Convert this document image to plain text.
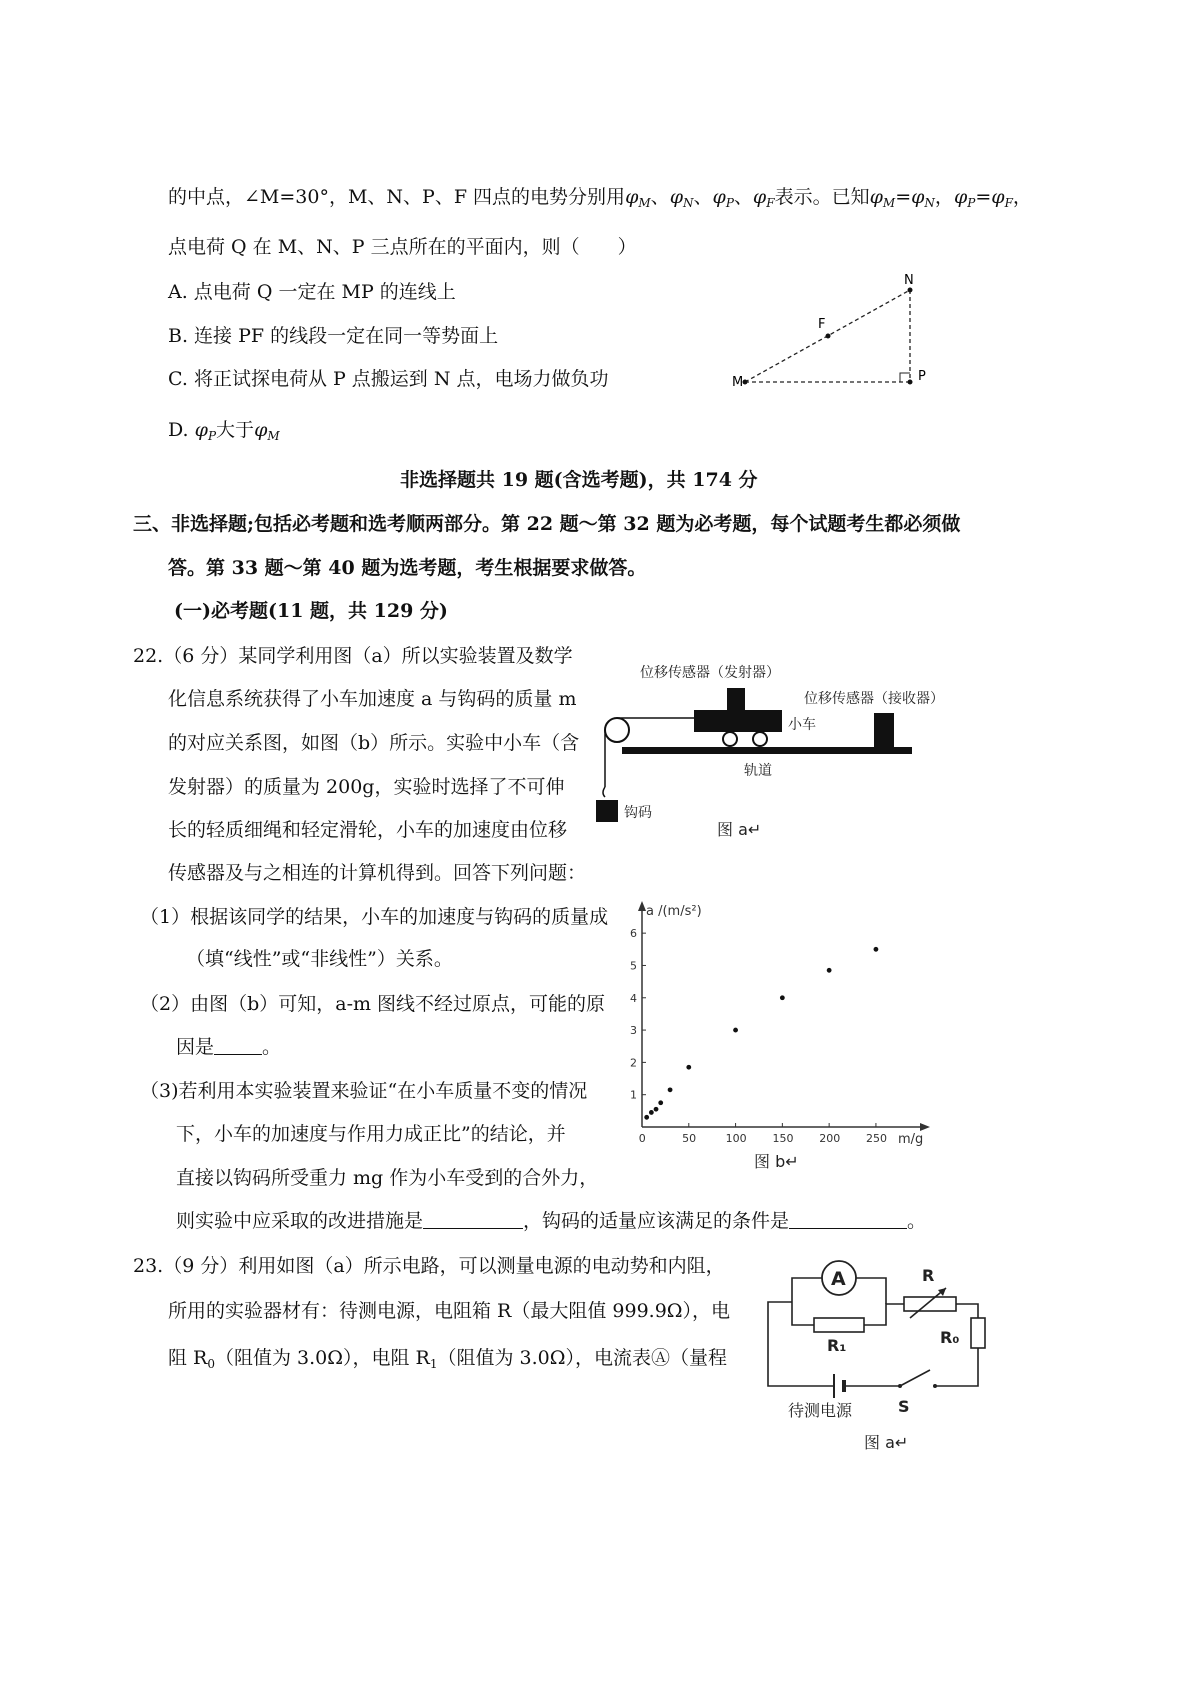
的中点，∠M=30°，M、N、P、F 四点的电势分别用$\varphi_M$、$\varphi_N$、$\varphi_P$、$\varphi_F$表示。已知$\varphi_M=\varphi_N$，$\varphi_P=\varphi_F$，
点电荷 Q 在 M、N、P 三点所在的平面内，则（　　）
A. 点电荷 Q 一定在 MP 的连线上
B. 连接 PF 的线段一定在同一等势面上
C. 将正试探电荷从 P 点搬运到 N 点，电场力做负功
D. $\varphi_P$大于$\varphi_M$
N
F
M	P
非选择题共 19 题(含选考题)，共 174 分
三、非选择题;包括必考题和选考顺两部分。第 22 题～第 32 题为必考题，每个试题考生都必须做
答。第 33 题～第 40 题为选考题，考生根据要求做答。
(一)必考题(11 题，共 129 分)
22.（6 分）某同学利用图（a）所以实验装置及数学
化信息系统获得了小车加速度 a 与钩码的质量 m
的对应关系图，如图（b）所示。实验中小车（含
发射器）的质量为 200g，实验时选择了不可伸
长的轻质细绳和轻定滑轮，小车的加速度由位移
传感器及与之相连的计算机得到。回答下列问题：
（1）根据该同学的结果，小车的加速度与钩码的质量成
（填“线性”或“非线性”）关系。
（2）由图（b）可知，a-m 图线不经过原点，可能的原
因是	。
（3)若利用本实验装置来验证“在小车质量不变的情况
下，小车的加速度与作用力成正比”的结论，并
直接以钩码所受重力 mg 作为小车受到的合外力，
则实验中应采取的改进措施是	，钩码的适量应该满足的条件是	。
位移传感器（发射器）
位移传感器（接收器）
小车
轨道
钩码
图 a↵
1
2
3
4
5
6
0	50	100 150 200 250
a /(m/s²)
m/g
图 b↵
23.（9 分）利用如图（a）所示电路，可以测量电源的电动势和内阻，
所用的实验器材有：待测电源，电阻箱 R（最大阻值 999.9Ω），电
阻 $R_0$（阻值为 3.0Ω），电阻 $R_1$（阻值为 3.0Ω），电流表Ⓐ（量程
A
R₁
R
R₀
待测电源	S
图 a↵
